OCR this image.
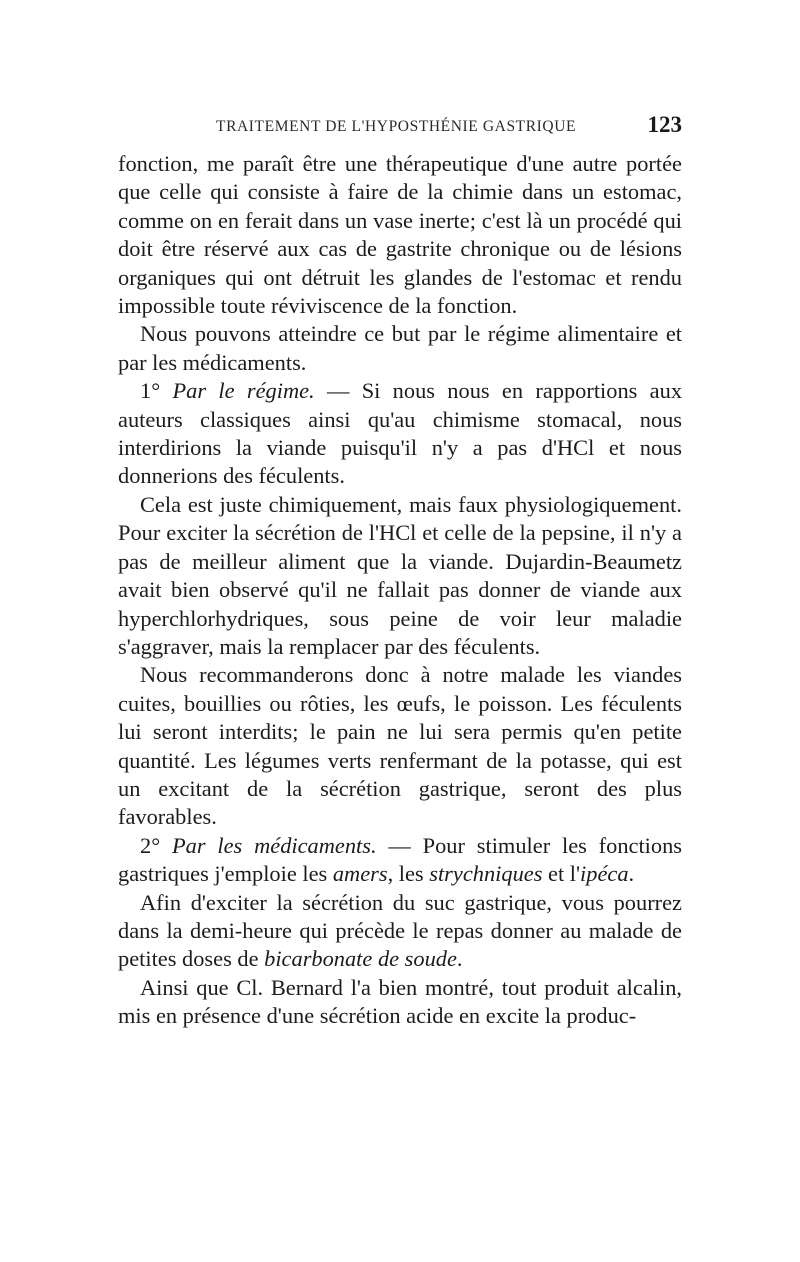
TRAITEMENT DE L'HYPOSTHÉNIE GASTRIQUE	123

fonction, me paraît être une thérapeutique d'une autre portée que celle qui consiste à faire de la chimie dans un estomac, comme on en ferait dans un vase inerte; c'est là un procédé qui doit être réservé aux cas de gastrite chronique ou de lésions organiques qui ont détruit les glandes de l'estomac et rendu impossible toute réviviscence de la fonction.

Nous pouvons atteindre ce but par le régime alimentaire et par les médicaments.

1° Par le régime. — Si nous nous en rapportions aux auteurs classiques ainsi qu'au chimisme stomacal, nous interdirions la viande puisqu'il n'y a pas d'HCl et nous donnerions des féculents.

Cela est juste chimiquement, mais faux physiologiquement. Pour exciter la sécrétion de l'HCl et celle de la pepsine, il n'y a pas de meilleur aliment que la viande. Dujardin-Beaumetz avait bien observé qu'il ne fallait pas donner de viande aux hyperchlorhydriques, sous peine de voir leur maladie s'aggraver, mais la remplacer par des féculents.

Nous recommanderons donc à notre malade les viandes cuites, bouillies ou rôties, les œufs, le poisson. Les féculents lui seront interdits; le pain ne lui sera permis qu'en petite quantité. Les légumes verts renfermant de la potasse, qui est un excitant de la sécrétion gastrique, seront des plus favorables.

2° Par les médicaments. — Pour stimuler les fonctions gastriques j'emploie les amers, les strychniques et l'ipéca.

Afin d'exciter la sécrétion du suc gastrique, vous pourrez dans la demi-heure qui précède le repas donner au malade de petites doses de bicarbonate de soude.

Ainsi que Cl. Bernard l'a bien montré, tout produit alcalin, mis en présence d'une sécrétion acide en excite la produc-
